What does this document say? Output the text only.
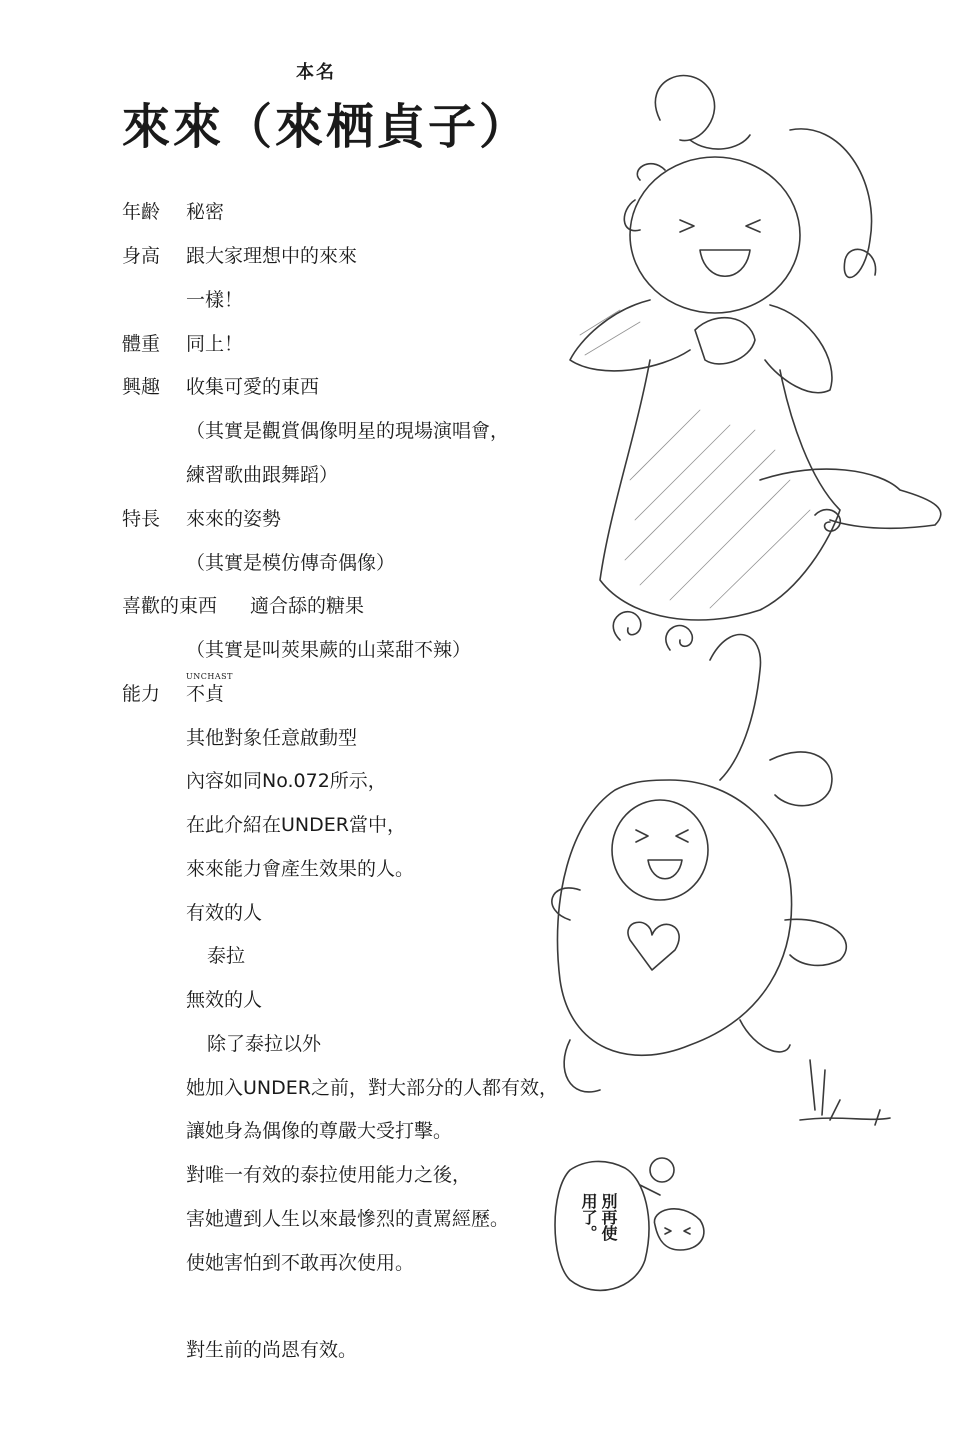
本名
來來（來栖貞子）
年齡 秘密
身高 跟大家理想中的來來
一樣！
體重 同上！
興趣 收集可愛的東西
（其實是觀賞偶像明星的現場演唱會，
練習歌曲跟舞蹈）
特長 來來的姿勢
（其實是模仿傳奇偶像）
喜歡的東西 適合舔的糖果
（其實是叫莢果蕨的山菜甜不辣）
UNCHAST
能力 不貞
其他對象任意啟動型
內容如同No.072所示，
在此介紹在UNDER當中，
來來能力會產生效果的人。
有效的人
泰拉
無效的人
除了泰拉以外
她加入UNDER之前，對大部分的人都有效，
讓她身為偶像的尊嚴大受打擊。
對唯一有效的泰拉使用能力之後，
害她遭到人生以來最慘烈的責罵經歷。
使她害怕到不敢再次使用。
對生前的尚恩有效。
別再使
用了。
